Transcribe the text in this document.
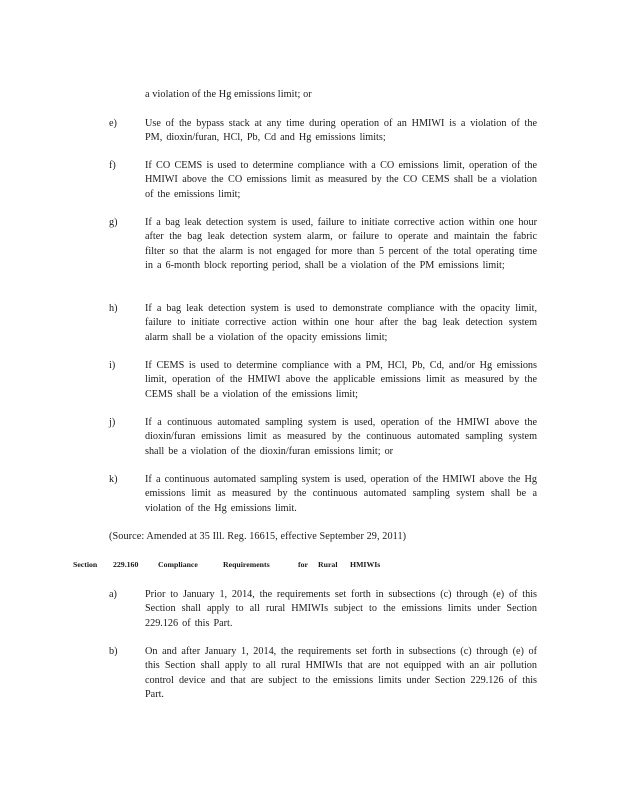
a violation of the Hg emissions limit; or
e)	Use of the bypass stack at any time during operation of an HMIWI is a violation of the PM, dioxin/furan, HCl, Pb, Cd and Hg emissions limits;
f)	If CO CEMS is used to determine compliance with a CO emissions limit, operation of the HMIWI above the CO emissions limit as measured by the CO CEMS shall be a violation of the emissions limit;
g)	If a bag leak detection system is used, failure to initiate corrective action within one hour after the bag leak detection system alarm, or failure to operate and maintain the fabric filter so that the alarm is not engaged for more than 5 percent of the total operating time in a 6-month block reporting period, shall be a violation of the PM emissions limit;
h)	If a bag leak detection system is used to demonstrate compliance with the opacity limit, failure to initiate corrective action within one hour after the bag leak detection system alarm shall be a violation of the opacity emissions limit;
i)	If CEMS is used to determine compliance with a PM, HCl, Pb, Cd, and/or Hg emissions limit, operation of the HMIWI above the applicable emissions limit as measured by the CEMS shall be a violation of the emissions limit;
j)	If a continuous automated sampling system is used, operation of the HMIWI above the dioxin/furan emissions limit as measured by the continuous automated sampling system shall be a violation of the dioxin/furan emissions limit; or
k)	If a continuous automated sampling system is used, operation of the HMIWI above the Hg emissions limit as measured by the continuous automated sampling system shall be a violation of the Hg emissions limit.
(Source: Amended at 35 Ill. Reg. 16615, effective September 29, 2011)
Section 229.160	Compliance	Requirements	for Rural HMIWIs
a)	Prior to January 1, 2014, the requirements set forth in subsections (c) through (e) of this Section shall apply to all rural HMIWIs subject to the emissions limits under Section 229.126 of this Part.
b)	On and after January 1, 2014, the requirements set forth in subsections (c) through (e) of this Section shall apply to all rural HMIWIs that are not equipped with an air pollution control device and that are subject to the emissions limits under Section 229.126 of this Part.
